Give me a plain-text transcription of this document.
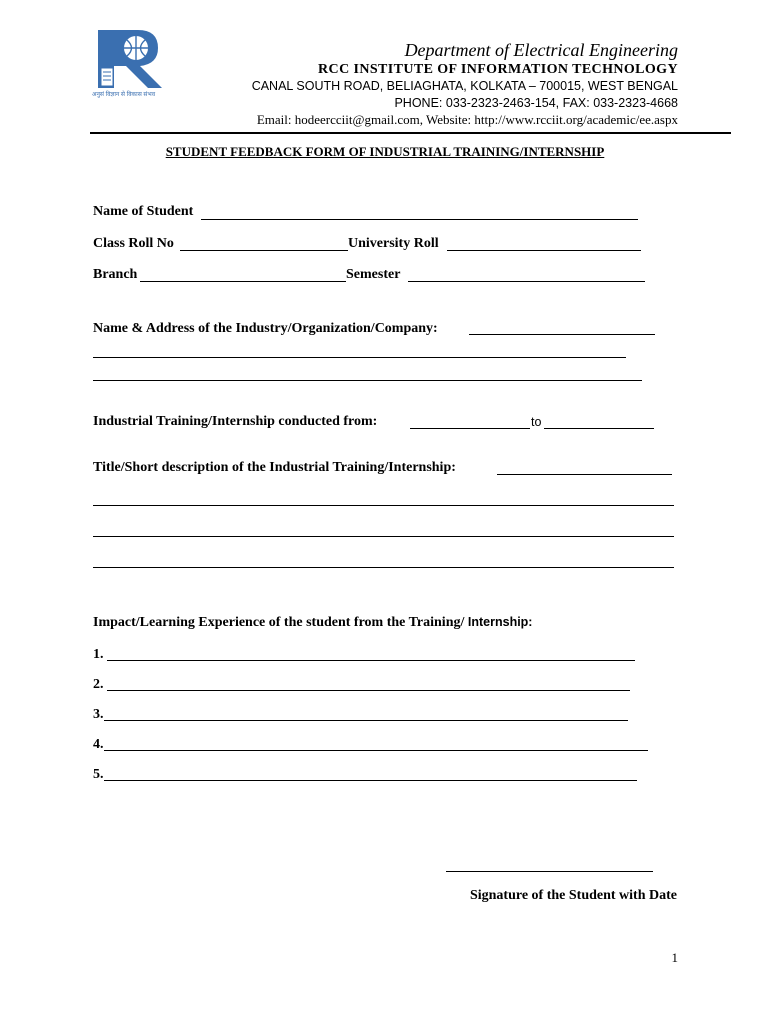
अनुसं विज्ञान से विकास संभव
Department of Electrical Engineering
RCC INSTITUTE OF INFORMATION TECHNOLOGY
CANAL SOUTH ROAD, BELIAGHATA, KOLKATA – 700015, WEST BENGAL
PHONE: 033-2323-2463-154, FAX: 033-2323-4668
Email: hodeercciit@gmail.com, Website: http://www.rcciit.org/academic/ee.aspx
STUDENT FEEDBACK FORM OF INDUSTRIAL TRAINING/INTERNSHIP
Name of Student
Class Roll No	University Roll
Branch	Semester
Name & Address of the Industry/Organization/Company:
Industrial Training/Internship conducted from:	to
Title/Short description of the Industrial Training/Internship:
Impact/Learning Experience of the student from the Training/ Internship:
1.
2.
3.
4.
5.
Signature of the Student with Date
1
